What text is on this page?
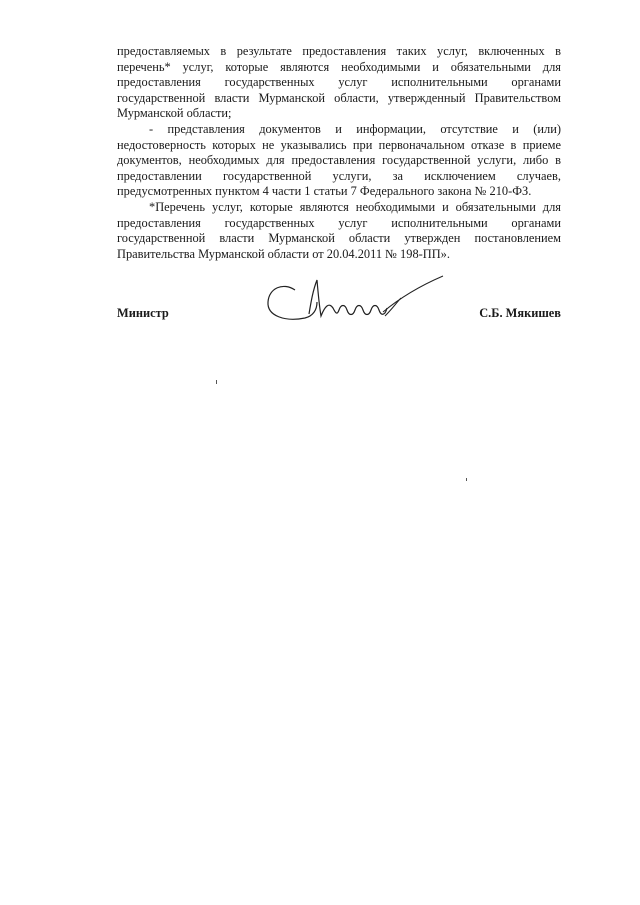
предоставляемых в результате предоставления таких услуг, включенных в перечень* услуг, которые являются необходимыми и обязательными для предоставления государственных услуг исполнительными органами государственной власти Мурманской области, утвержденный Правительством Мурманской области;

- представления документов и информации, отсутствие и (или) недостоверность которых не указывались при первоначальном отказе в приеме документов, необходимых для предоставления государственной услуги, либо в предоставлении государственной услуги, за исключением случаев, предусмотренных пунктом 4 части 1 статьи 7 Федерального закона № 210-ФЗ.

*Перечень услуг, которые являются необходимыми и обязательными для предоставления государственных услуг исполнительными органами государственной власти Мурманской области утвержден постановлением Правительства Мурманской области от 20.04.2011 № 198-ПП».

Министр	С.Б. Мякишев
